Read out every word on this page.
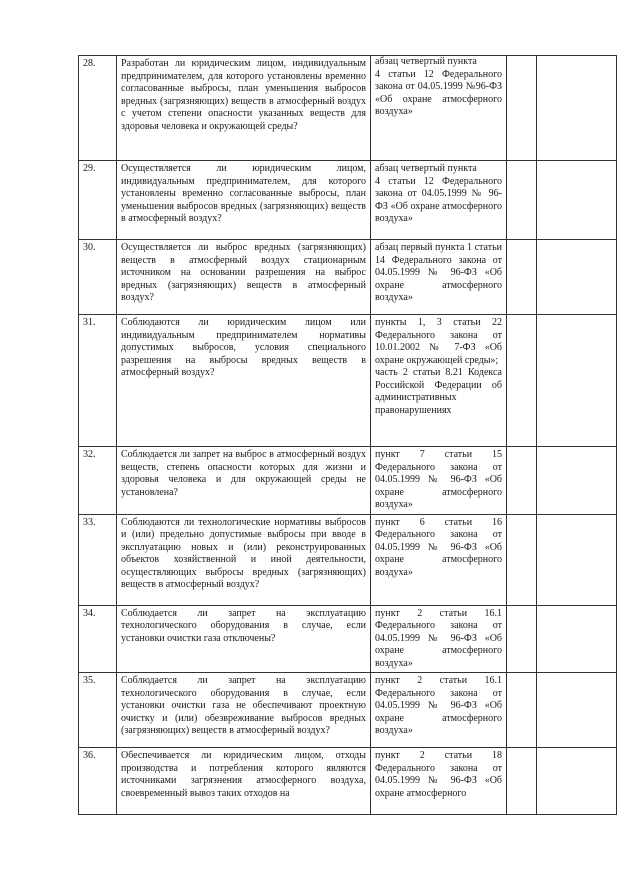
28.	Разработан ли юридическим лицом, индивидуальным предпринимателем, для которого установлены временно согласованные выбросы, план уменьшения выбросов вредных (загрязняющих) веществ в атмосферный воздух с учетом степени опасности указанных веществ для здоровья человека и окружающей среды?	абзац четвертый пункта
4 статьи 12 Федерального закона от 04.05.1999 №96-ФЗ «Об охране атмосферного воздуха»		
29.	Осуществляется ли юридическим лицом, индивидуальным предпринимателем, для которого установлены временно согласованные выбросы, план уменьшения выбросов вредных (загрязняющих) веществ в атмосферный воздух?	абзац четвертый пункта
4 статьи 12 Федерального закона от 04.05.1999 № 96-ФЗ «Об охране атмосферного воздуха»		
30.	Осуществляется ли выброс вредных (загрязняющих) веществ в атмосферный воздух стационарным источником на основании разрешения на выброс вредных (загрязняющих) веществ в атмосферный воздух?	абзац первый пункта 1 статьи 14 Федерального закона от 04.05.1999 № 96-ФЗ «Об охране атмосферного воздуха»		
31.	Соблюдаются ли юридическим лицом или индивидуальным предпринимателем нормативы допустимых выбросов, условия специального разрешения на выбросы вредных веществ в атмосферный воздух?	пункты 1, 3 статьи 22 Федерального закона от 10.01.2002 № 7-ФЗ «Об охране окружающей среды»;
часть 2 статьи 8.21 Кодекса Российской Федерации об административных правонарушениях		
32.	Соблюдается ли запрет на выброс в атмосферный воздух веществ, степень опасности которых для жизни и здоровья человека и для окружающей среды не установлена?	пункт 7 статьи 15 Федерального закона от 04.05.1999 № 96-ФЗ «Об охране атмосферного воздуха»		
33.	Соблюдаются ли технологические нормативы выбросов и (или) предельно допустимые выбросы при вводе в эксплуатацию новых и (или) реконструированных объектов хозяйственной и иной деятельности, осуществляющих выбросы вредных (загрязняющих) веществ в атмосферный воздух?	пункт 6 статьи 16 Федерального закона от 04.05.1999 № 96-ФЗ «Об охране атмосферного воздуха»		
34.	Соблюдается ли запрет на эксплуатацию технологического оборудования в случае, если установки очистки газа отключены?	пункт 2 статьи 16.1 Федерального закона от 04.05.1999 № 96-ФЗ «Об охране атмосферного воздуха»		
35.	Соблюдается ли запрет на эксплуатацию технологического оборудования в случае, если установки очистки газа не обеспечивают проектную очистку и (или) обезвреживание выбросов вредных (загрязняющих) веществ в атмосферный воздух?	пункт 2 статьи 16.1 Федерального закона от 04.05.1999 № 96-ФЗ «Об охране атмосферного воздуха»		
36.	Обеспечивается ли юридическим лицом, отходы производства и потребления которого являются источниками загрязнения атмосферного воздуха, своевременный вывоз таких отходов на	пункт 2 статьи 18 Федерального закона от 04.05.1999 № 96-ФЗ «Об охране атмосферного		
